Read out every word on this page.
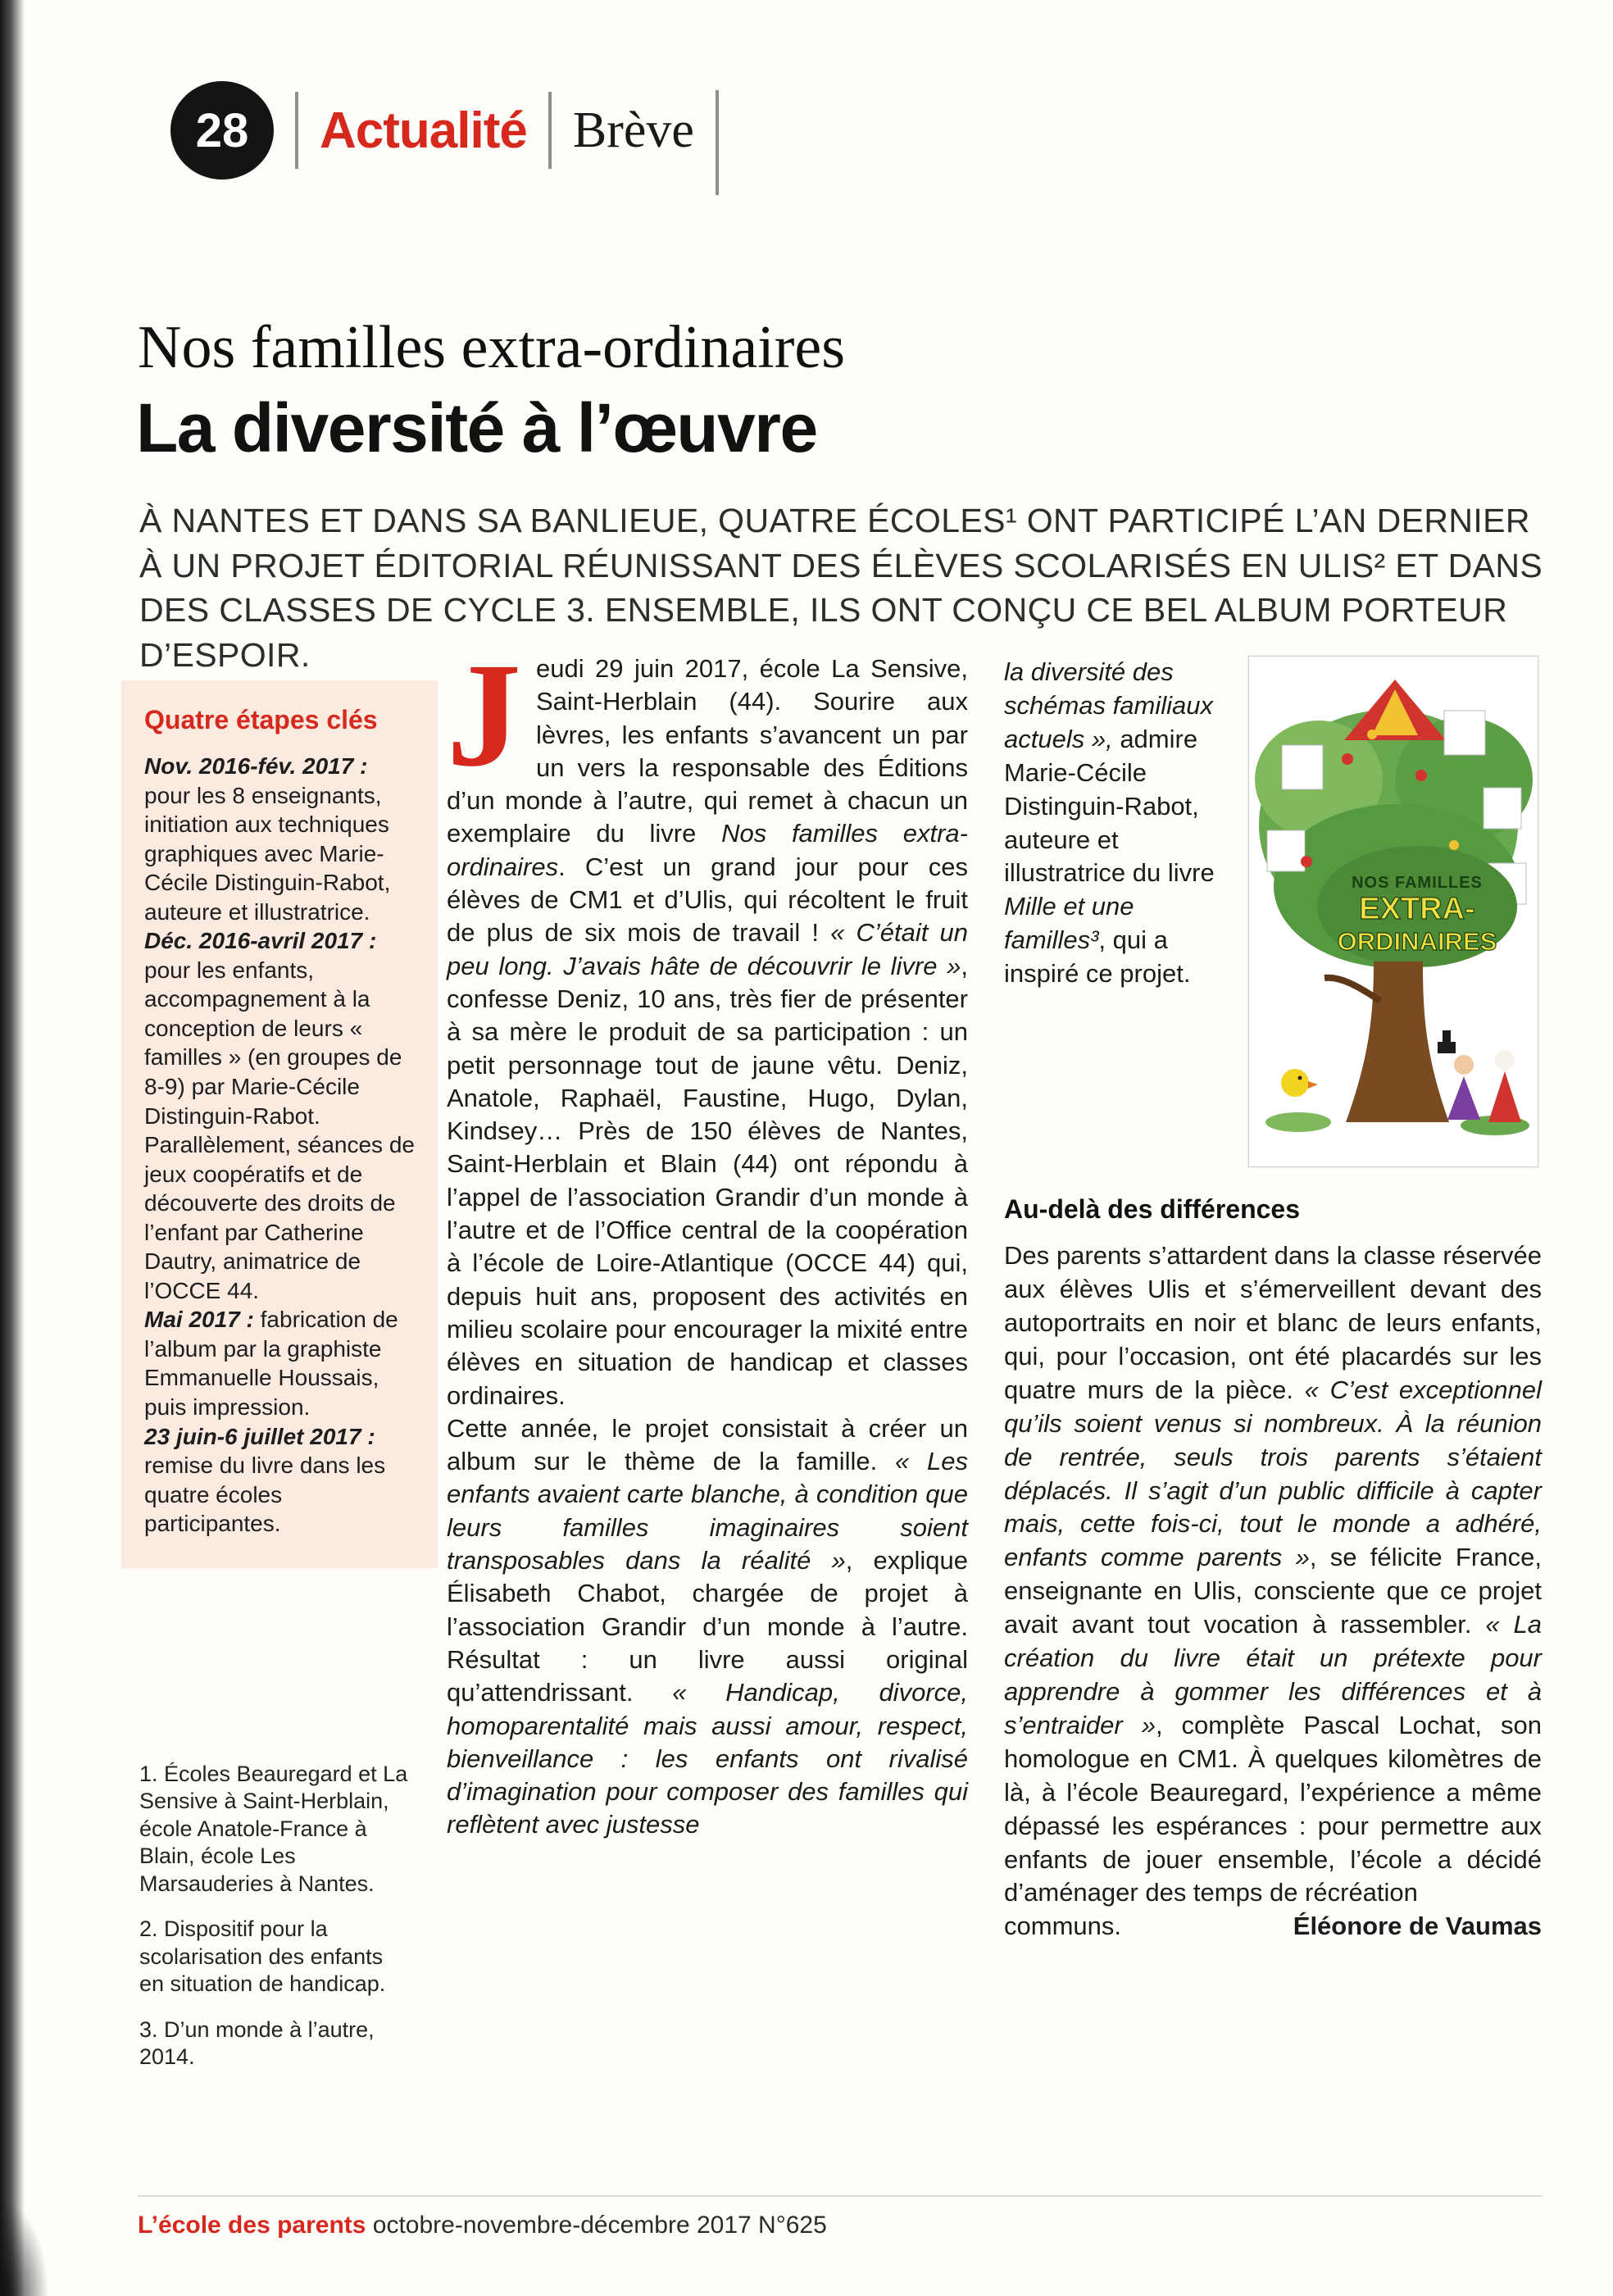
28 Actualité Brève
Nos familles extra-ordinaires
La diversité à l’œuvre
À NANTES ET DANS SA BANLIEUE, QUATRE ÉCOLES¹ ONT PARTICIPÉ L’AN DERNIER À UN PROJET ÉDITORIAL RÉUNISSANT DES ÉLÈVES SCOLARISÉS EN ULIS² ET DANS DES CLASSES DE CYCLE 3. ENSEMBLE, ILS ONT CONÇU CE BEL ALBUM PORTEUR D’ESPOIR.

Quatre étapes clés

Nov. 2016-fév. 2017 : pour les 8 enseignants, initiation aux techniques graphiques avec Marie-Cécile Distinguin-Rabot, auteure et illustratrice.

Déc. 2016-avril 2017 : pour les enfants, accompagnement à la conception de leurs « familles » (en groupes de 8-9) par Marie-Cécile Distinguin-Rabot. Parallèlement, séances de jeux coopératifs et de découverte des droits de l’enfant par Catherine Dautry, animatrice de l’OCCE 44.

Mai 2017 : fabrication de l’album par la graphiste Emmanuelle Houssais, puis impression.

23 juin-6 juillet 2017 : remise du livre dans les quatre écoles participantes.

1. Écoles Beauregard et La Sensive à Saint-Herblain, école Anatole-France à Blain, école Les Marsauderies à Nantes.

2. Dispositif pour la scolarisation des enfants en situation de handicap.

3. D’un monde à l’autre, 2014.

Jeudi 29 juin 2017, école La Sensive, Saint-Herblain (44). Sourire aux lèvres, les enfants s’avancent un par un vers la responsable des Éditions d’un monde à l’autre, qui remet à chacun un exemplaire du livre Nos familles extra-ordinaires. C’est un grand jour pour ces élèves de CM1 et d’Ulis, qui récoltent le fruit de plus de six mois de travail ! « C’était un peu long. J’avais hâte de découvrir le livre », confesse Deniz, 10 ans, très fier de présenter à sa mère le produit de sa participation : un petit personnage tout de jaune vêtu. Deniz, Anatole, Raphaël, Faustine, Hugo, Dylan, Kindsey… Près de 150 élèves de Nantes, Saint-Herblain et Blain (44) ont répondu à l’appel de l’association Grandir d’un monde à l’autre et de l’Office central de la coopération à l’école de Loire-Atlantique (OCCE 44) qui, depuis huit ans, proposent des activités en milieu scolaire pour encourager la mixité entre élèves en situation de handicap et classes ordinaires.

Cette année, le projet consistait à créer un album sur le thème de la famille. « Les enfants avaient carte blanche, à condition que leurs familles imaginaires soient transposables dans la réalité », explique Élisabeth Chabot, chargée de projet à l’association Grandir d’un monde à l’autre. Résultat : un livre aussi original qu’attendrissant. « Handicap, divorce, homoparentalité mais aussi amour, respect, bienveillance : les enfants ont rivalisé d’imagination pour composer des familles qui reflètent avec justesse

la diversité des schémas familiaux actuels », admire Marie-Cécile Distinguin-Rabot, auteure et illustratrice du livre Mille et une familles³, qui a inspiré ce projet.
NOS FAMILLES
EXTRA-
ORDINAIRES

Au-delà des différences

Des parents s’attardent dans la classe réservée aux élèves Ulis et s’émerveillent devant des autoportraits en noir et blanc de leurs enfants, qui, pour l’occasion, ont été placardés sur les quatre murs de la pièce. « C’est exceptionnel qu’ils soient venus si nombreux. À la réunion de rentrée, seuls trois parents s’étaient déplacés. Il s’agit d’un public difficile à capter mais, cette fois-ci, tout le monde a adhéré, enfants comme parents », se félicite France, enseignante en Ulis, consciente que ce projet avait avant tout vocation à rassembler. « La création du livre était un prétexte pour apprendre à gommer les différences et à s’entraider », complète Pascal Lochat, son homologue en CM1. À quelques kilomètres de là, à l’école Beauregard, l’expérience a même dépassé les espérances : pour permettre aux enfants de jouer ensemble, l’école a décidé d’aménager des temps de récréation

communs.	Éléonore de Vaumas
L’école des parents octobre-novembre-décembre 2017 N°625
